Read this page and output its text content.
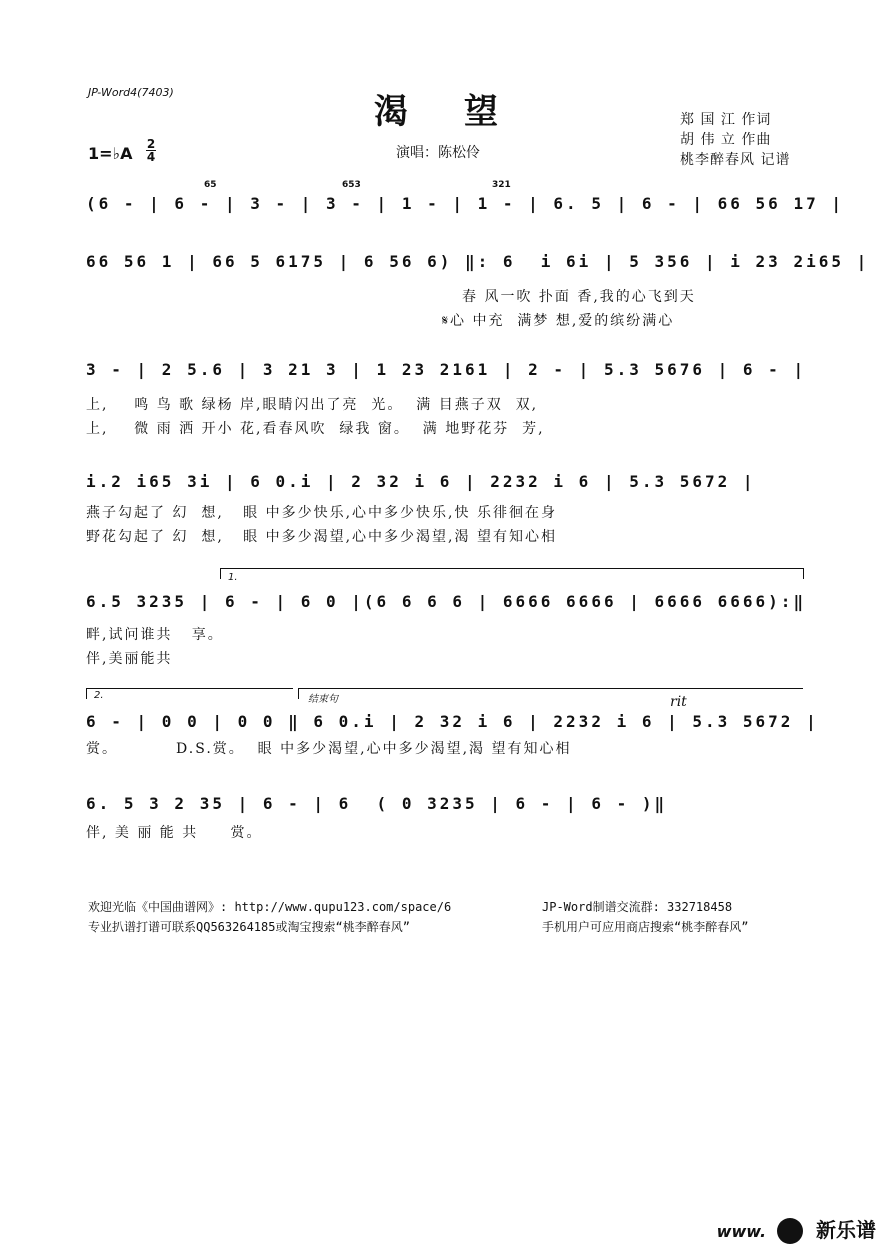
JP-Word4(7403)	渴望	郑 国 江 作词
胡 伟 立 作曲
桃李醉春风 记谱
1=♭A 2
4	演唱：陈松伶
(6 - | 6 - | 3 - | 3 - | 1 - | 1 - | 6. 5 | 6 - | 66 56 17 |
65	653	321
66 56 1 | 66 5 6175 | 6 56 6) ‖: 6  i 6i | 5 356 | i 23 2i65 |
春 风一吹 扑面 香,我的心飞到天
𝄋心 中充  满梦 想,爱的缤纷满心
3 - | 2 5.6 | 3 21 3 | 1 23 2161 | 2 - | 5.3 5676 | 6 - |
上,    鸣 鸟 歌 绿杨 岸,眼睛闪出了亮  光。  满 目燕子双  双,
上,    微 雨 洒 开小 花,看春风吹  绿我 窗。  满 地野花芬  芳,
i.2 i65 3i | 6 0.i | 2 32 i 6 | 2232 i 6 | 5.3 5672 |
燕子勾起了 幻  想,   眼 中多少快乐,心中多少快乐,快 乐徘徊在身
野花勾起了 幻  想,   眼 中多少渴望,心中多少渴望,渴 望有知心相
1.
6.5 3235 | 6 - | 6 0 |(6 6 6 6 | 6666 6666 | 6666 6666):‖
畔,试问谁共   享。
伴,美丽能共
2.	结束句	rit
6 - | 0 0 | 0 0 ‖ 6 0.i | 2 32 i 6 | 2232 i 6 | 5.3 5672 |
赏。         D.S.赏。  眼 中多少渴望,心中多少渴望,渴 望有知心相
6. 5 3 2 35 | 6 - | 6  ( 0 3235 | 6 - | 6 - )‖
伴, 美 丽 能 共     赏。
欢迎光临《中国曲谱网》: http://www.qupu123.com/space/6
专业扒谱打谱可联系QQ563264185或淘宝搜索“桃李醉春风”
JP-Word制谱交流群: 332718458
手机用户可应用商店搜索“桃李醉春风”
www. 新乐谱
